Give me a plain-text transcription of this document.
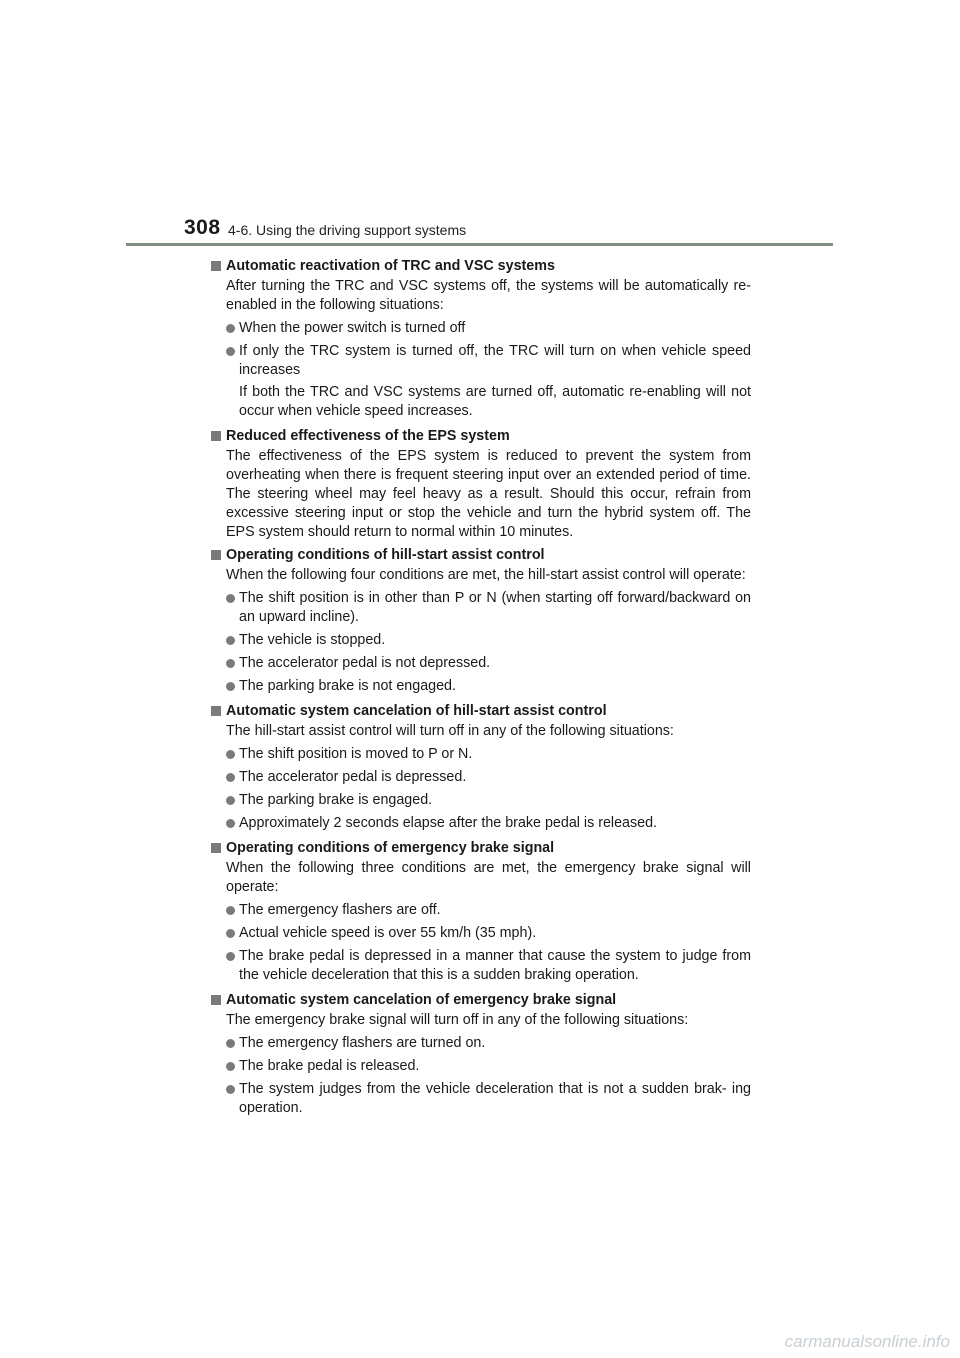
308 4-6. Using the driving support systems
Automatic reactivation of TRC and VSC systems
After turning the TRC and VSC systems off, the systems will be automatically re-enabled in the following situations:
When the power switch is turned off
If only the TRC system is turned off, the TRC will turn on when vehicle speed increases
If both the TRC and VSC systems are turned off, automatic re-enabling will not occur when vehicle speed increases.
Reduced effectiveness of the EPS system
The effectiveness of the EPS system is reduced to prevent the system from overheating when there is frequent steering input over an extended period of time. The steering wheel may feel heavy as a result. Should this occur, refrain from excessive steering input or stop the vehicle and turn the hybrid system off. The EPS system should return to normal within 10 minutes.
Operating conditions of hill-start assist control
When the following four conditions are met, the hill-start assist control will operate:
The shift position is in other than P or N (when starting off forward/backward on an upward incline).
The vehicle is stopped.
The accelerator pedal is not depressed.
The parking brake is not engaged.
Automatic system cancelation of hill-start assist control
The hill-start assist control will turn off in any of the following situations:
The shift position is moved to P or N.
The accelerator pedal is depressed.
The parking brake is engaged.
Approximately 2 seconds elapse after the brake pedal is released.
Operating conditions of emergency brake signal
When the following three conditions are met, the emergency brake signal will operate:
The emergency flashers are off.
Actual vehicle speed is over 55 km/h (35 mph).
The brake pedal is depressed in a manner that cause the system to judge from the vehicle deceleration that this is a sudden braking operation.
Automatic system cancelation of emergency brake signal
The emergency brake signal will turn off in any of the following situations:
The emergency flashers are turned on.
The brake pedal is released.
The system judges from the vehicle deceleration that is not a sudden brak- ing operation.
carmanualsonline.info
